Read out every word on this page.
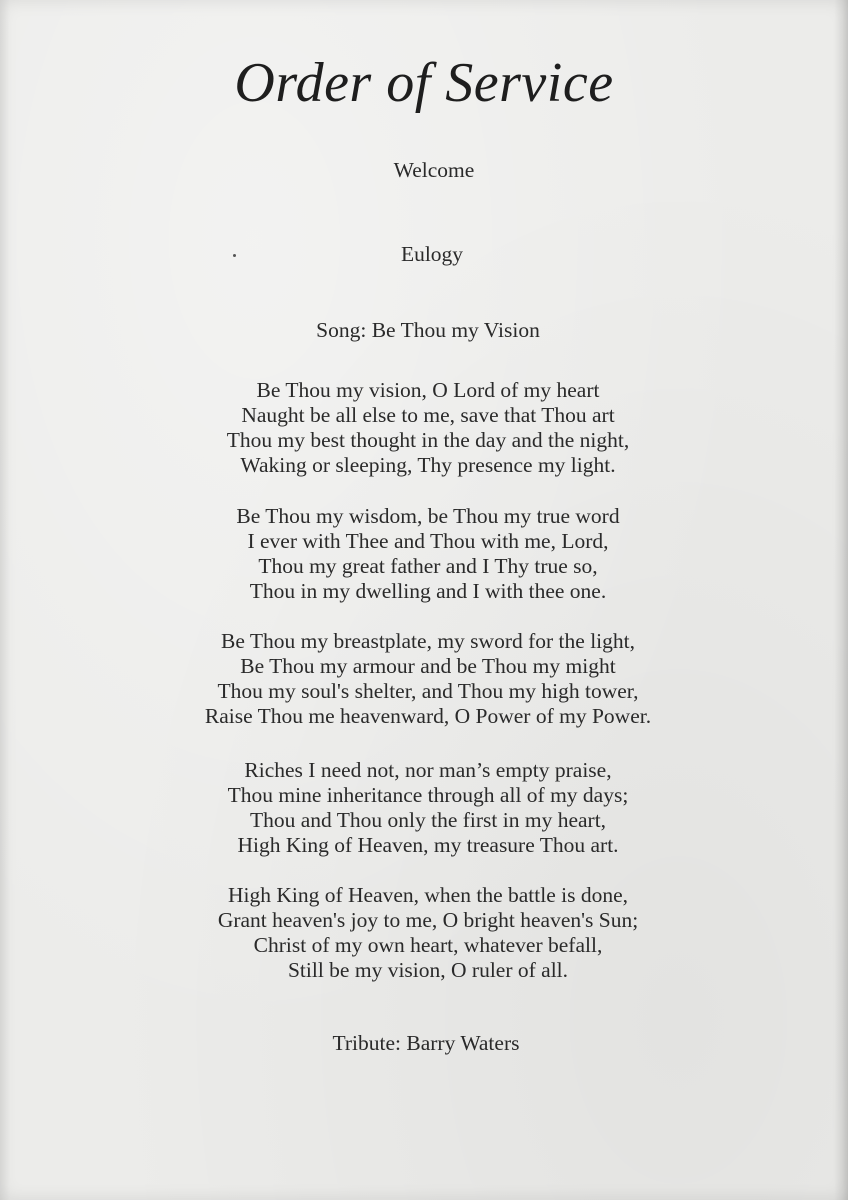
Order of Service
Welcome
Eulogy
Song: Be Thou my Vision
Be Thou my vision, O Lord of my heart
Naught be all else to me, save that Thou art
Thou my best thought in the day and the night,
Waking or sleeping, Thy presence my light.
Be Thou my wisdom, be Thou my true word
I ever with Thee and Thou with me, Lord,
Thou my great father and I Thy true so,
Thou in my dwelling and I with thee one.
Be Thou my breastplate, my sword for the light,
Be Thou my armour and be Thou my might
Thou my soul's shelter, and Thou my high tower,
Raise Thou me heavenward, O Power of my Power.
Riches I need not, nor man’s empty praise,
Thou mine inheritance through all of my days;
Thou and Thou only the first in my heart,
High King of Heaven, my treasure Thou art.
High King of Heaven, when the battle is done,
Grant heaven's joy to me, O bright heaven's Sun;
Christ of my own heart, whatever befall,
Still be my vision, O ruler of all.
Tribute: Barry Waters
